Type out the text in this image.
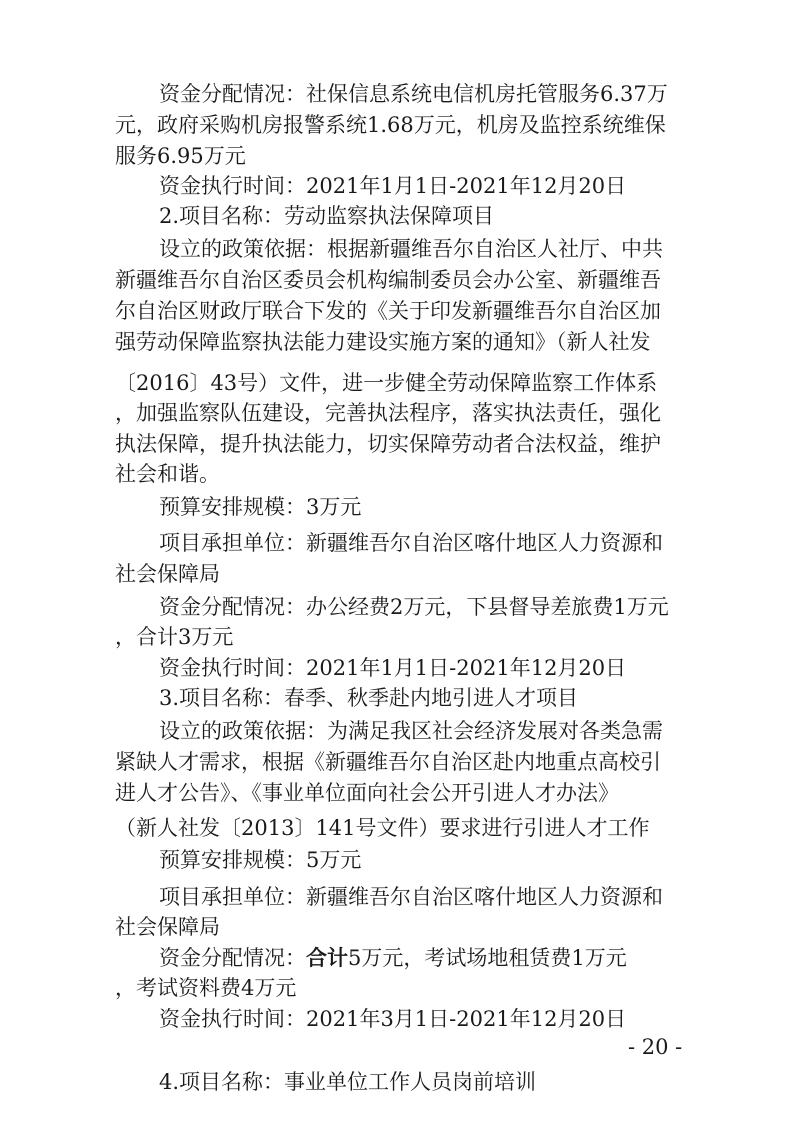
资金分配情况：社保信息系统电信机房托管服务6.37万
元，政府采购机房报警系统1.68万元，机房及监控系统维保
服务6.95万元
资金执行时间：2021年1月1日-2021年12月20日
2.项目名称：劳动监察执法保障项目
设立的政策依据：根据新疆维吾尔自治区人社厅、中共
新疆维吾尔自治区委员会机构编制委员会办公室、新疆维吾
尔自治区财政厅联合下发的《关于印发新疆维吾尔自治区加
强劳动保障监察执法能力建设实施方案的通知》（新人社发
〔2016〕43号）文件，进一步健全劳动保障监察工作体系
，加强监察队伍建设，完善执法程序，落实执法责任，强化
执法保障，提升执法能力，切实保障劳动者合法权益，维护
社会和谐。
预算安排规模：3万元
项目承担单位：新疆维吾尔自治区喀什地区人力资源和
社会保障局
资金分配情况：办公经费2万元，下县督导差旅费1万元
，合计3万元
资金执行时间：2021年1月1日-2021年12月20日
3.项目名称：春季、秋季赴内地引进人才项目
设立的政策依据：为满足我区社会经济发展对各类急需
紧缺人才需求，根据《新疆维吾尔自治区赴内地重点高校引
进人才公告》、《事业单位面向社会公开引进人才办法》
（新人社发〔2013〕141号文件）要求进行引进人才工作
预算安排规模：5万元
项目承担单位：新疆维吾尔自治区喀什地区人力资源和
社会保障局
资金分配情况：合计5万元，考试场地租赁费1万元
，考试资料费4万元
资金执行时间：2021年3月1日-2021年12月20日
- 20 -
4.项目名称：事业单位工作人员岗前培训
